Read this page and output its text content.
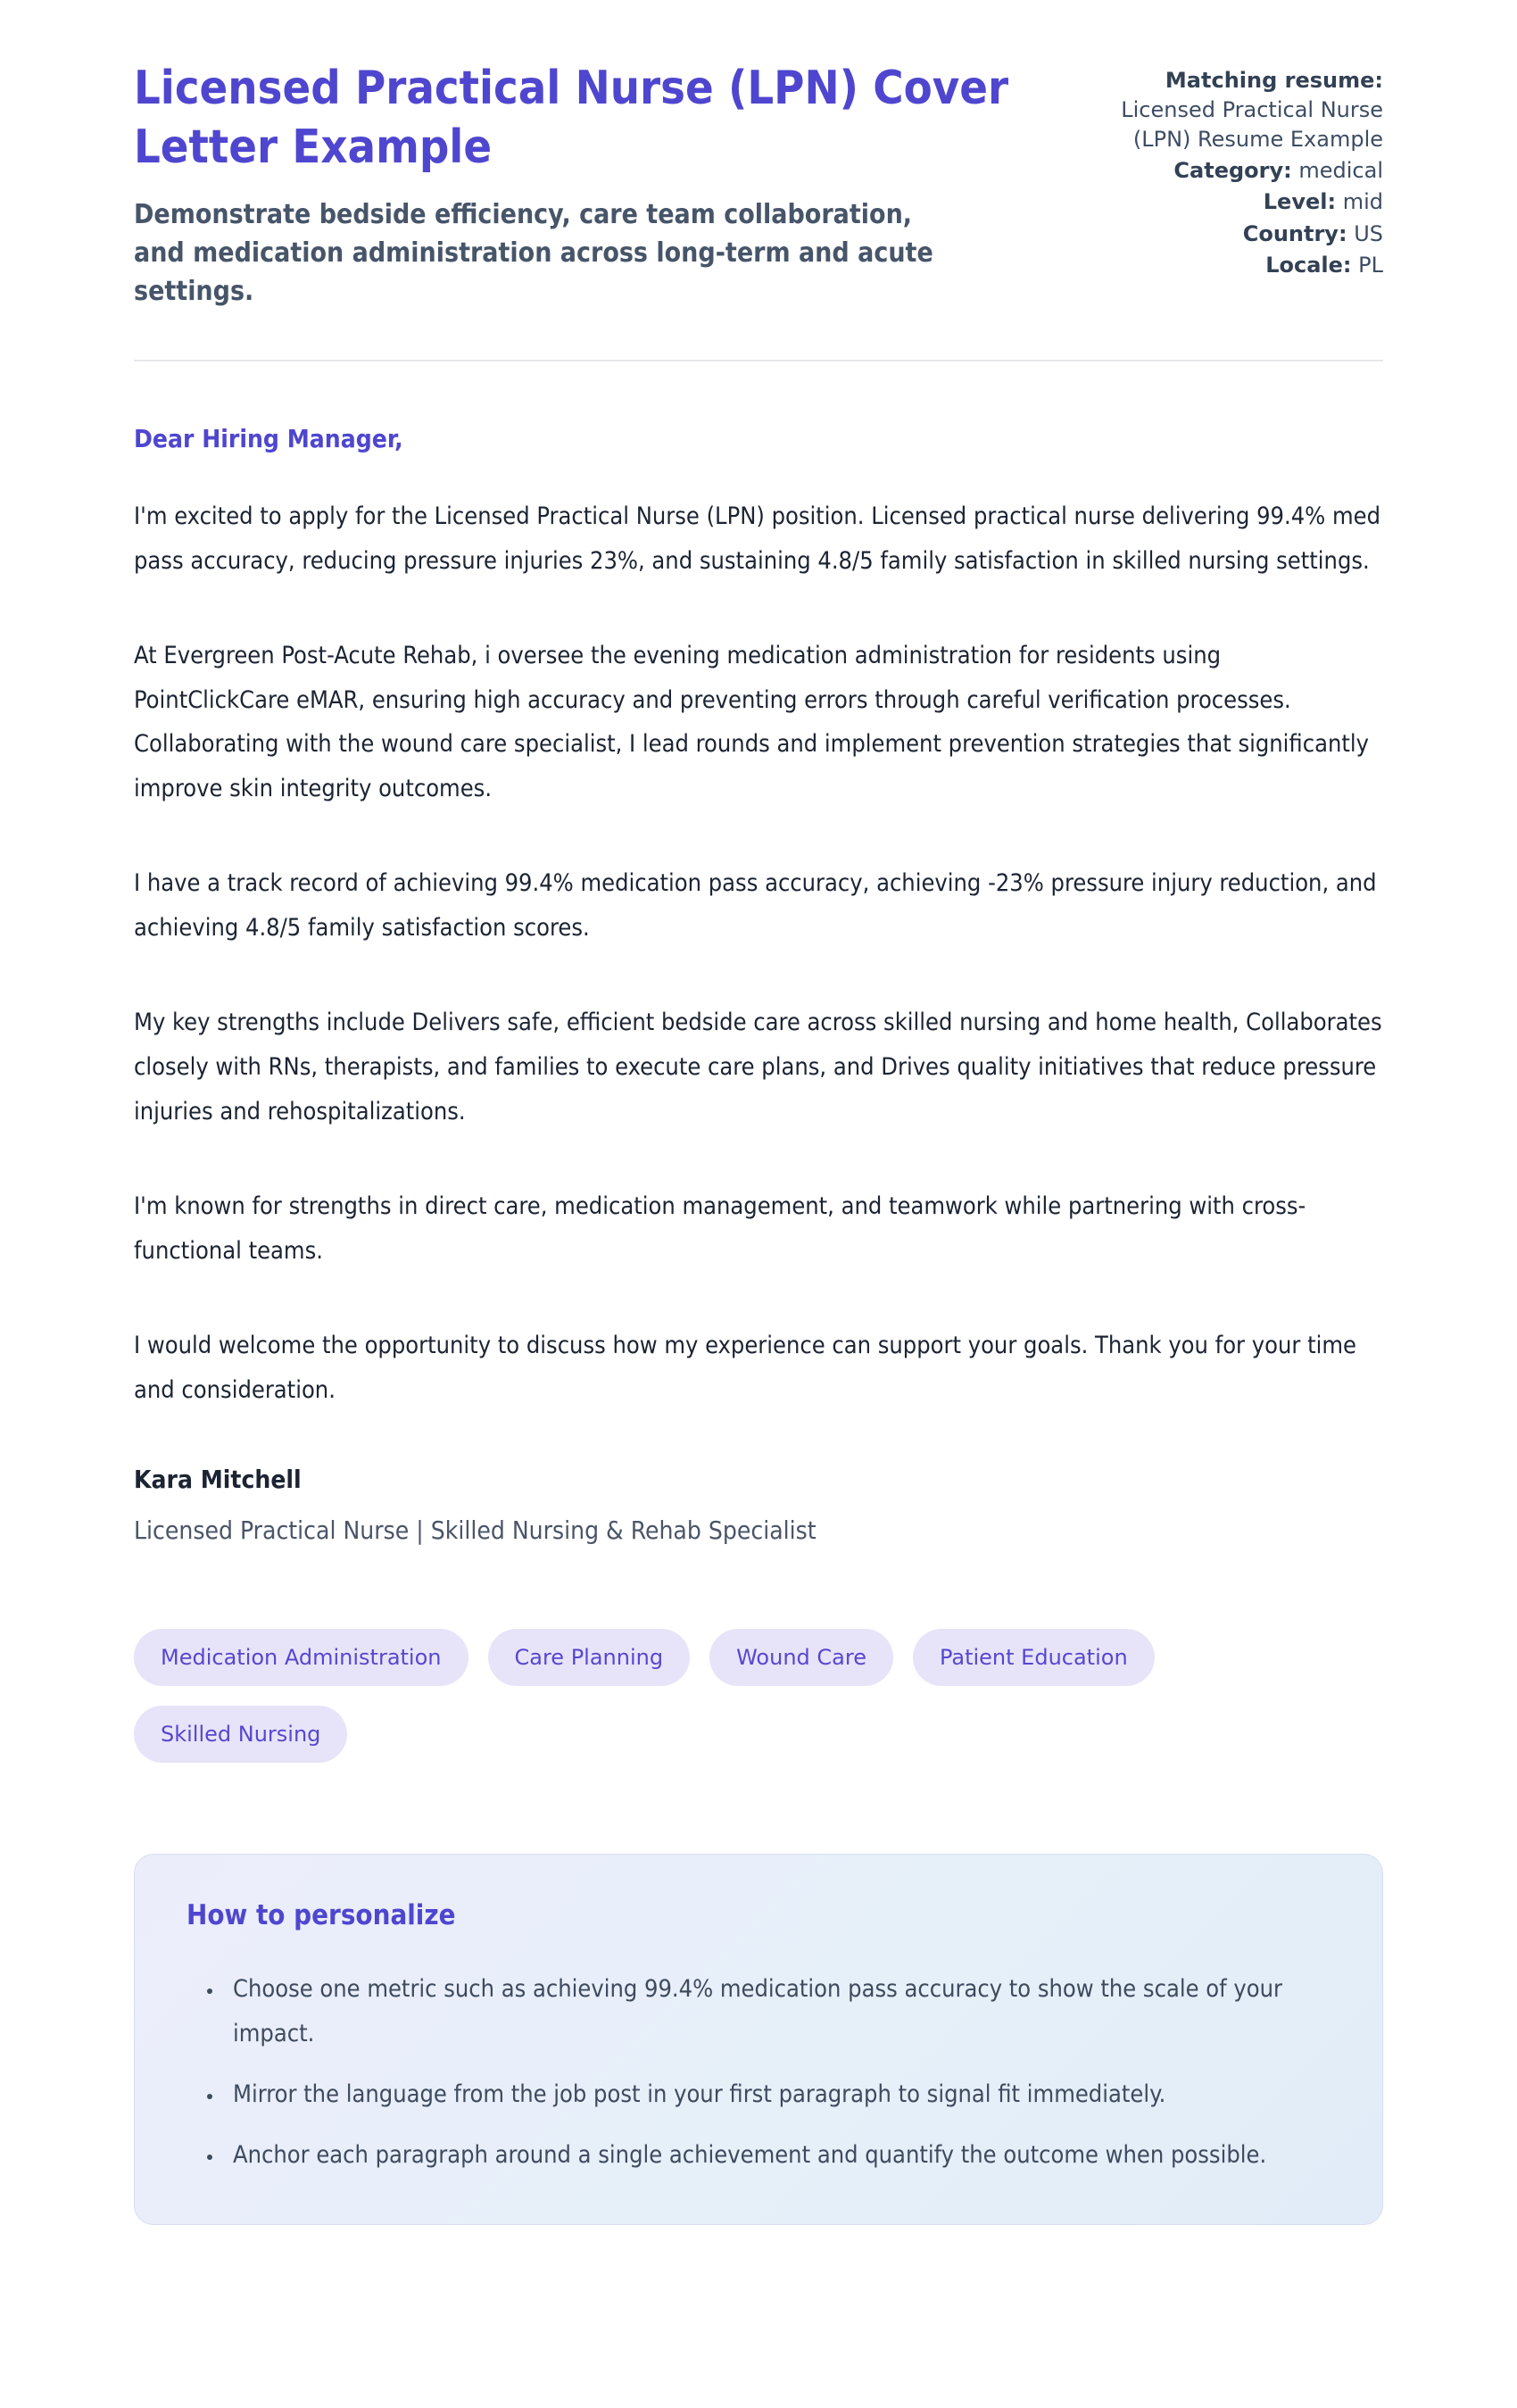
Licensed Practical Nurse (LPN) Cover Letter Example

Demonstrate bedside efficiency, care team collaboration, and medication administration across long-term and acute settings.

Matching resume:
Licensed Practical Nurse (LPN) Resume Example
Category: medical
Level: mid
Country: US
Locale: PL

Dear Hiring Manager,

I'm excited to apply for the Licensed Practical Nurse (LPN) position. Licensed practical nurse delivering 99.4% med pass accuracy, reducing pressure injuries 23%, and sustaining 4.8/5 family satisfaction in skilled nursing settings.

At Evergreen Post-Acute Rehab, i oversee the evening medication administration for residents using PointClickCare eMAR, ensuring high accuracy and preventing errors through careful verification processes. Collaborating with the wound care specialist, I lead rounds and implement prevention strategies that significantly improve skin integrity outcomes.

I have a track record of achieving 99.4% medication pass accuracy, achieving -23% pressure injury reduction, and achieving 4.8/5 family satisfaction scores.

My key strengths include Delivers safe, efficient bedside care across skilled nursing and home health, Collaborates closely with RNs, therapists, and families to execute care plans, and Drives quality initiatives that reduce pressure injuries and rehospitalizations.

I'm known for strengths in direct care, medication management, and teamwork while partnering with cross-functional teams.

I would welcome the opportunity to discuss how my experience can support your goals. Thank you for your time and consideration.

Kara Mitchell

Licensed Practical Nurse | Skilled Nursing & Rehab Specialist

Medication Administration	Care Planning	Wound Care	Patient Education
Skilled Nursing
How to personalize
• Choose one metric such as achieving 99.4% medication pass accuracy to show the scale of your impact.
• Mirror the language from the job post in your first paragraph to signal fit immediately.
• Anchor each paragraph around a single achievement and quantify the outcome when possible.
